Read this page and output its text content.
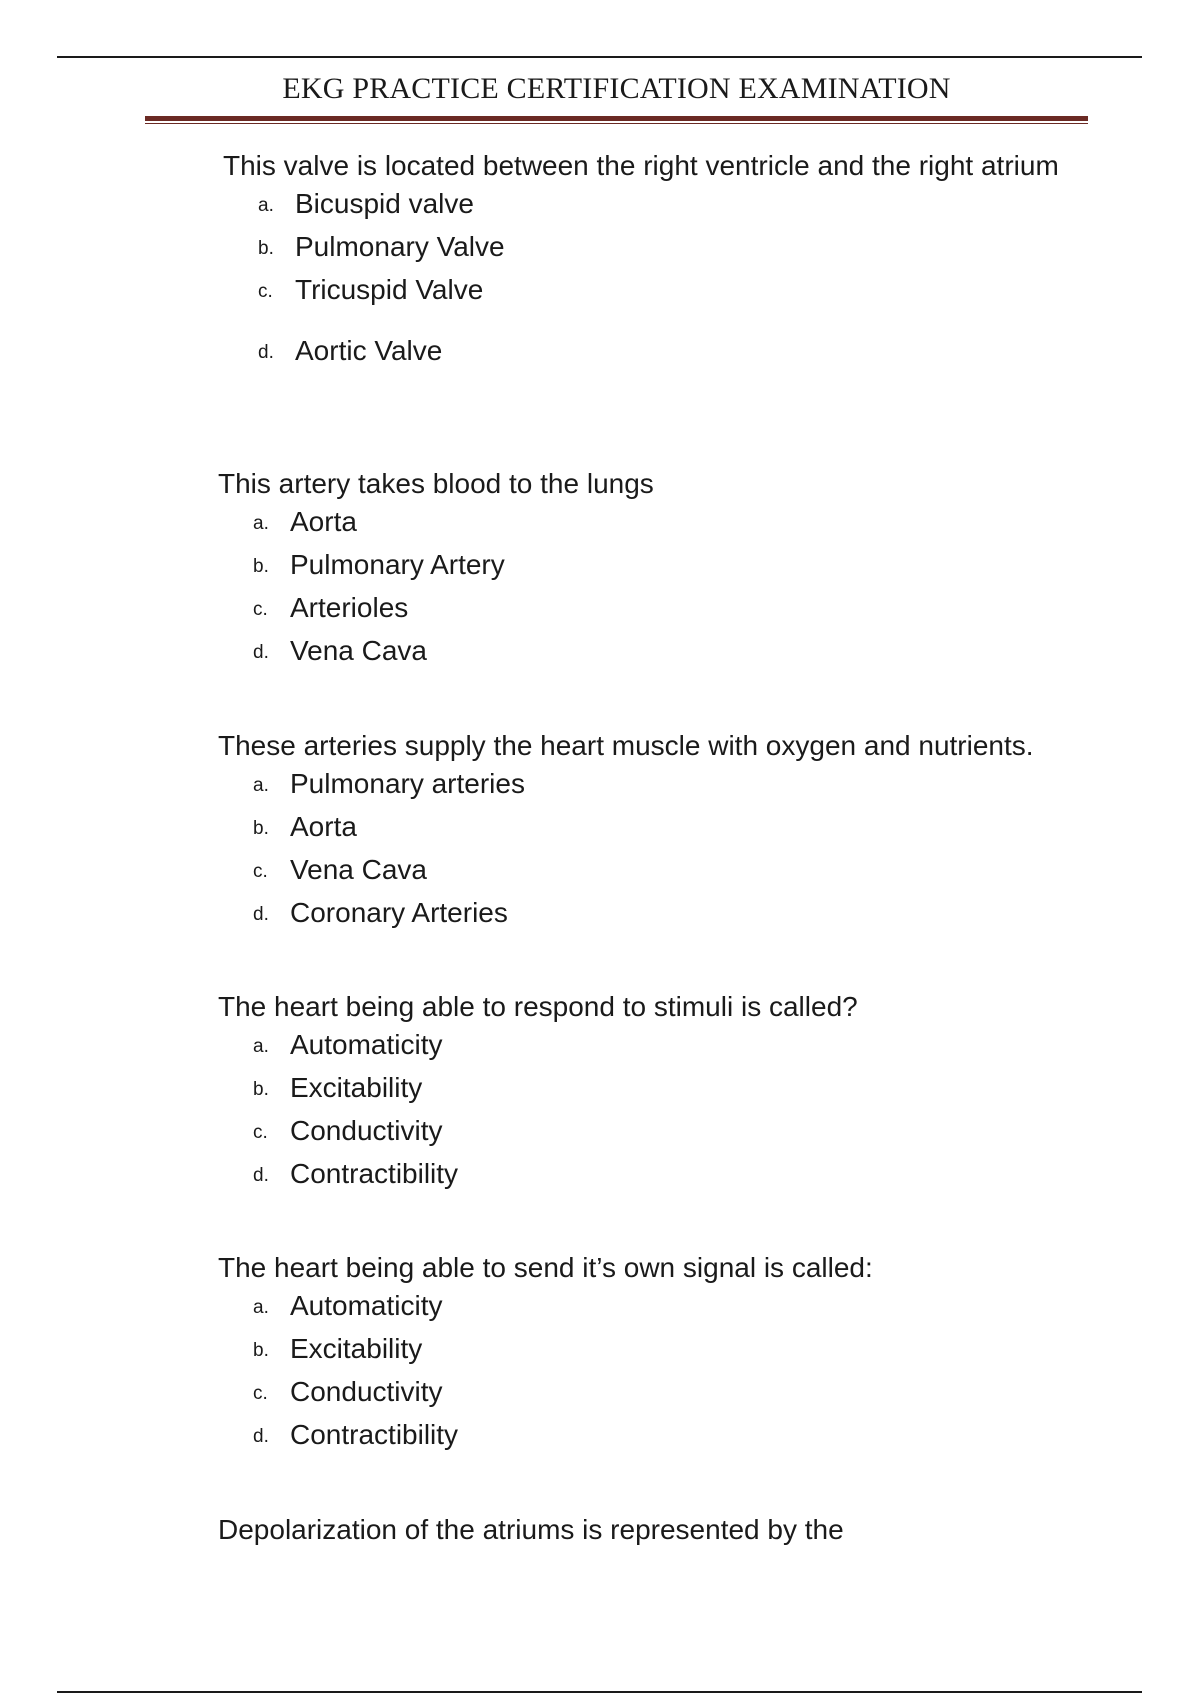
EKG PRACTICE CERTIFICATION EXAMINATION
This valve is located between the right ventricle and the right atrium
a. Bicuspid valve
b. Pulmonary Valve
c. Tricuspid Valve
d. Aortic Valve
This artery takes blood to the lungs
a. Aorta
b. Pulmonary Artery
c. Arterioles
d. Vena Cava
These arteries supply the heart muscle with oxygen and nutrients.
a. Pulmonary arteries
b. Aorta
c. Vena Cava
d. Coronary Arteries
The heart being able to respond to stimuli is called?
a. Automaticity
b. Excitability
c. Conductivity
d. Contractibility
The heart being able to send it’s own signal is called:
a. Automaticity
b. Excitability
c. Conductivity
d. Contractibility
Depolarization of the atriums is represented by the
